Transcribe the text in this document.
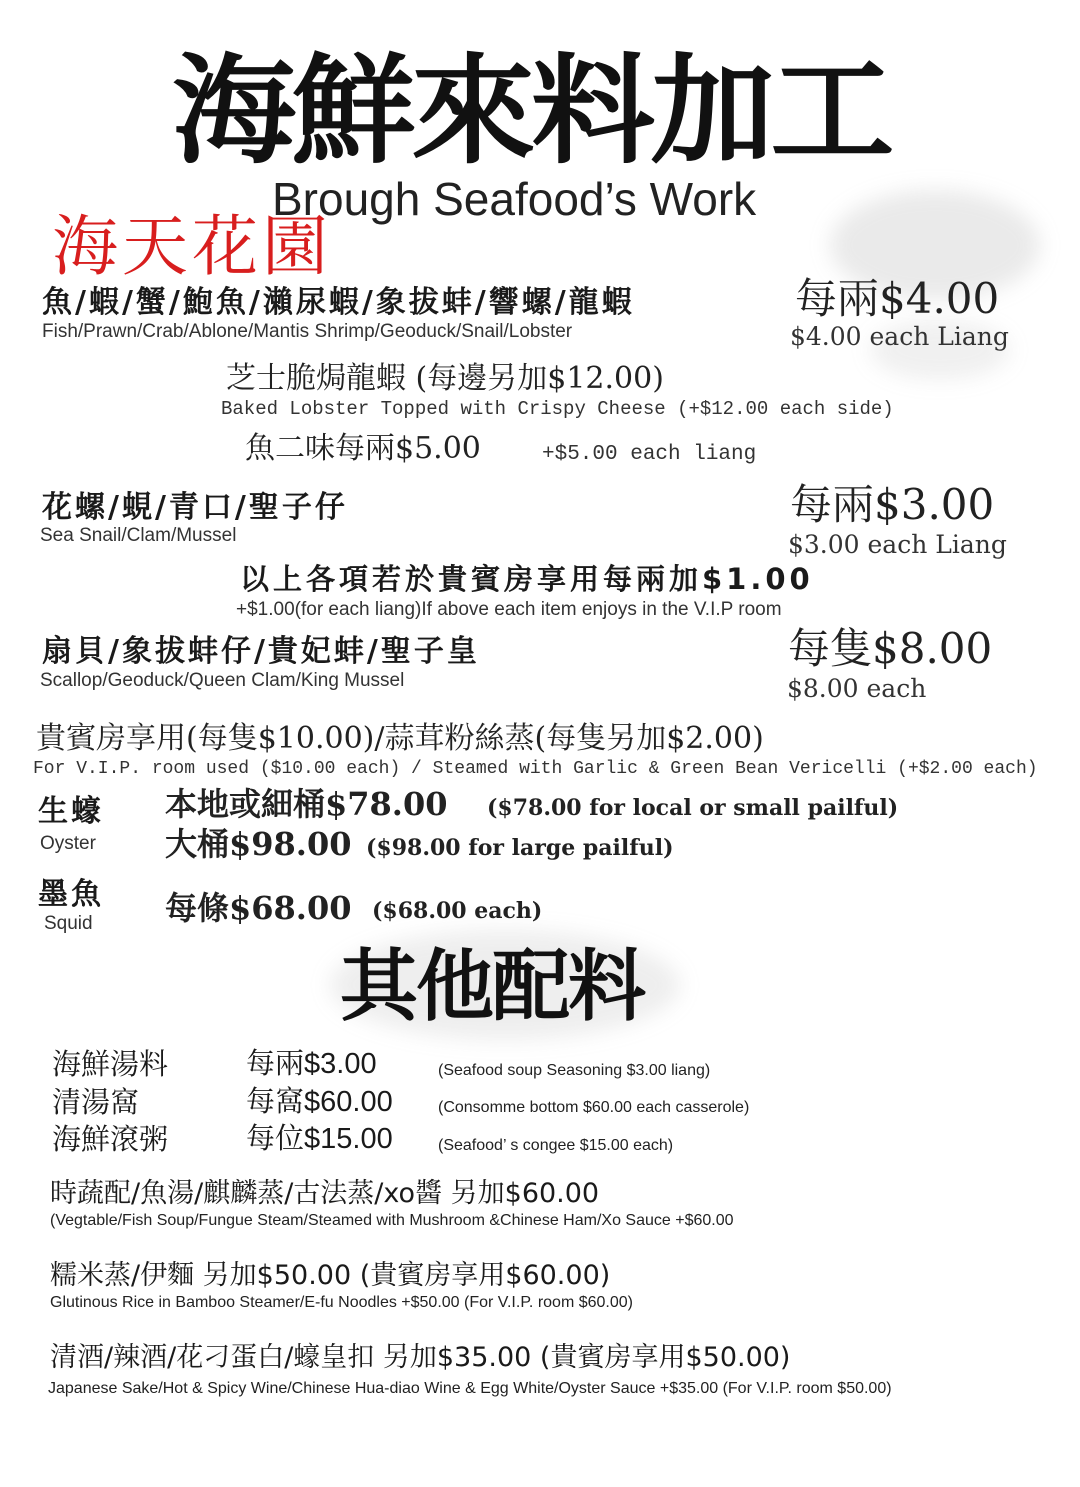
海鮮來料加工
Brough Seafood’s Work
海天花園
魚/蝦/蟹/鮑魚/瀨尿蝦/象拔蚌/響螺/龍蝦
Fish/Prawn/Crab/Ablone/Mantis Shrimp/Geoduck/Snail/Lobster
每兩$4.00
$4.00 each Liang
芝士脆焗龍蝦 (每邊另加$12.00)
Baked Lobster Topped with Crispy Cheese (+$12.00 each side)
魚二味每兩$5.00	+$5.00 each liang
花螺/蜆/青口/聖子仔
Sea Snail/Clam/Mussel
每兩$3.00
$3.00 each Liang
以上各項若於貴賓房享用每兩加$1.00
+$1.00(for each liang)If above each item enjoys in the V.I.P room
扇貝/象拔蚌仔/貴妃蚌/聖子皇
Scallop/Geoduck/Queen Clam/King Mussel
每隻$8.00
$8.00 each
貴賓房享用(每隻$10.00)/蒜茸粉絲蒸(每隻另加$2.00)
For V.I.P. room used ($10.00 each) / Steamed with Garlic & Green Bean Vericelli (+$2.00 each)
生蠔
Oyster
本地或細桶$78.00 ($78.00 for local or small pailful)
大桶$98.00 ($98.00 for large pailful)
墨魚
Squid 每條$68.00 ($68.00 each)
其他配料
海鮮湯料	每兩$3.00	(Seafood soup Seasoning $3.00 liang)
清湯窩	每窩$60.00	(Consomme bottom $60.00 each casserole)
海鮮滾粥	每位$15.00	(Seafood’ s congee $15.00 each)
時蔬配/魚湯/麒麟蒸/古法蒸/xo醬 另加$60.00
(Vegtable/Fish Soup/Fungue Steam/Steamed with Mushroom &Chinese Ham/Xo Sauce +$60.00
糯米蒸/伊麵 另加$50.00 (貴賓房享用$60.00)
Glutinous Rice in Bamboo Steamer/E-fu Noodles +$50.00 (For V.I.P. room $60.00)
清酒/辣酒/花刁蛋白/蠔皇扣 另加$35.00 (貴賓房享用$50.00)
Japanese Sake/Hot & Spicy Wine/Chinese Hua-diao Wine & Egg White/Oyster Sauce +$35.00 (For V.I.P. room $50.00)
